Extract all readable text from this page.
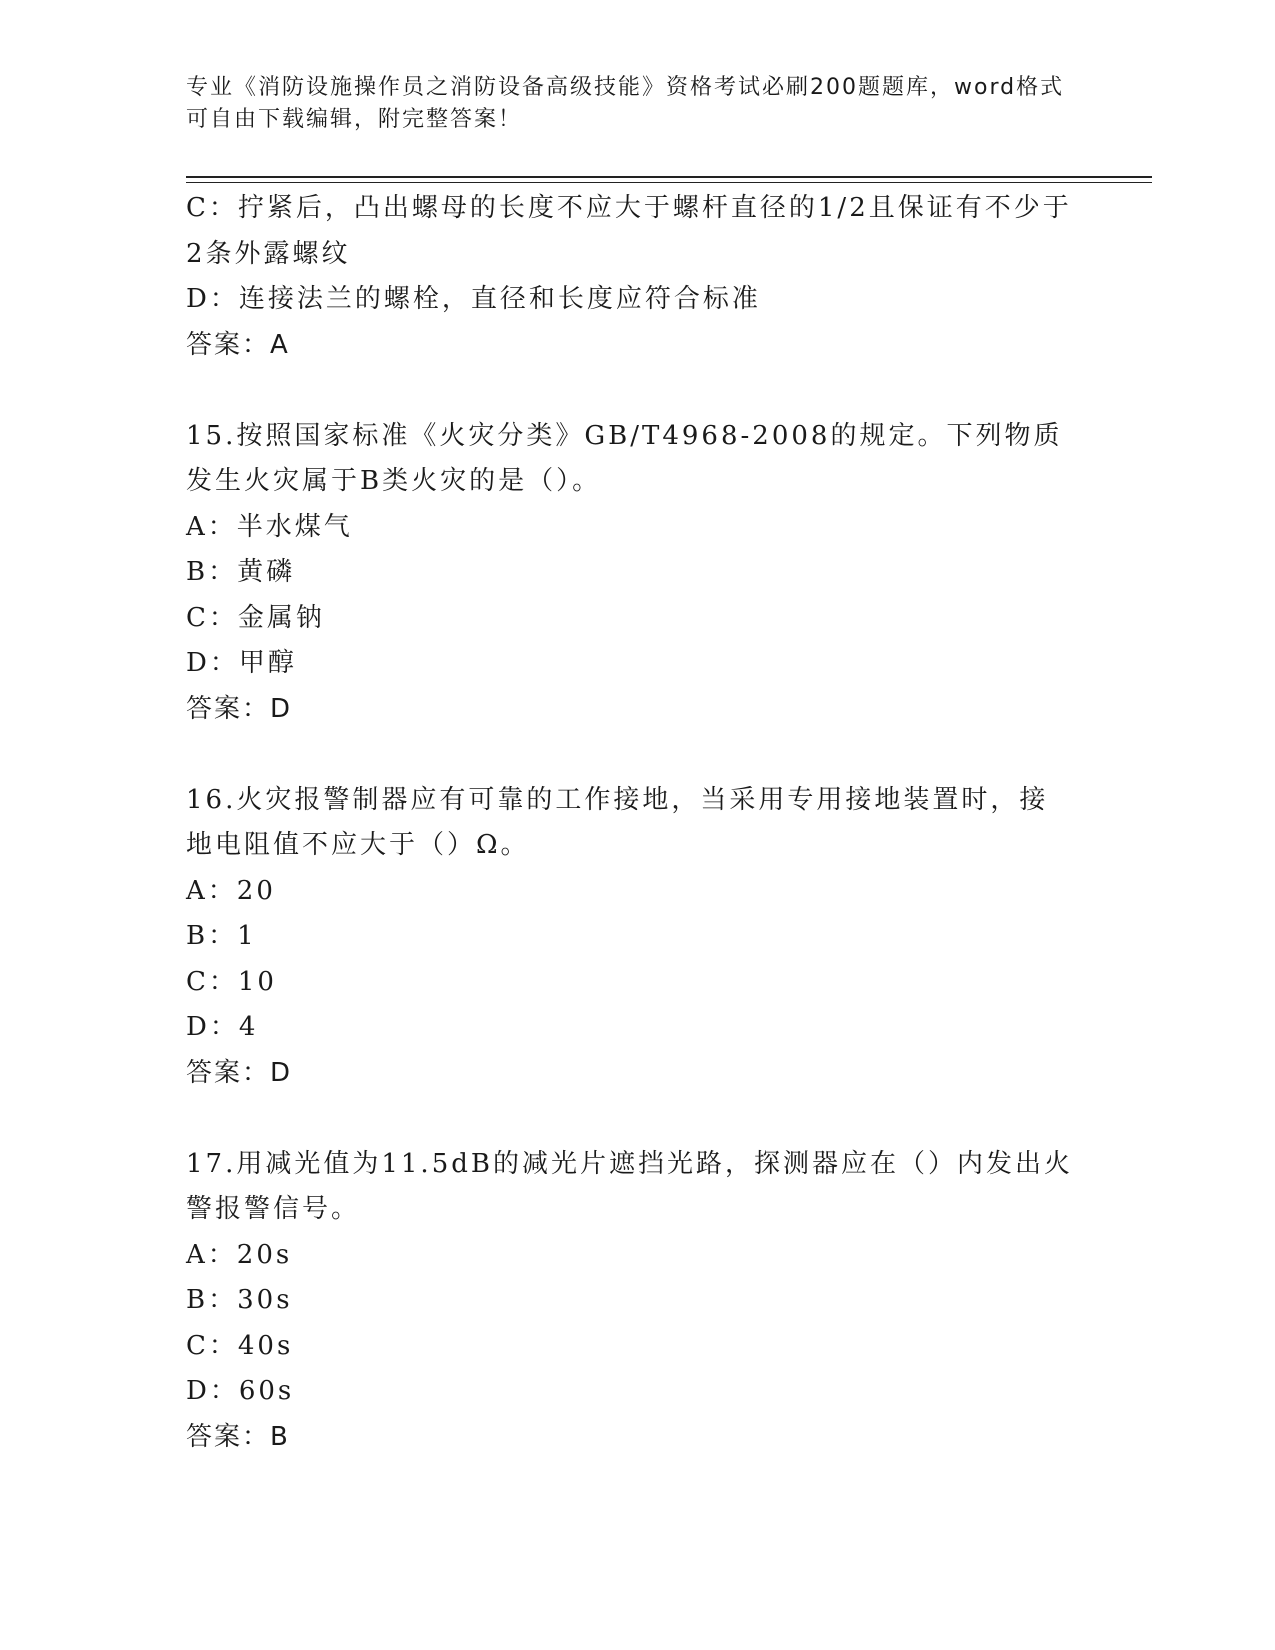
专业《消防设施操作员之消防设备高级技能》资格考试必刷200题题库，word格式可自由下载编辑，附完整答案！
C：拧紧后，凸出螺母的长度不应大于螺杆直径的1/2且保证有不少于2条外露螺纹
D：连接法兰的螺栓，直径和长度应符合标准
答案：A
15.按照国家标准《火灾分类》GB/T4968-2008的规定。下列物质发生火灾属于B类火灾的是（）。
A：半水煤气
B：黄磷
C：金属钠
D：甲醇
答案：D
16.火灾报警制器应有可靠的工作接地，当采用专用接地装置时，接地电阻值不应大于（）Ω。
A：20
B：1
C：10
D：4
答案：D
17.用减光值为11.5dB的减光片遮挡光路，探测器应在（）内发出火警报警信号。
A：20s
B：30s
C：40s
D：60s
答案：B
